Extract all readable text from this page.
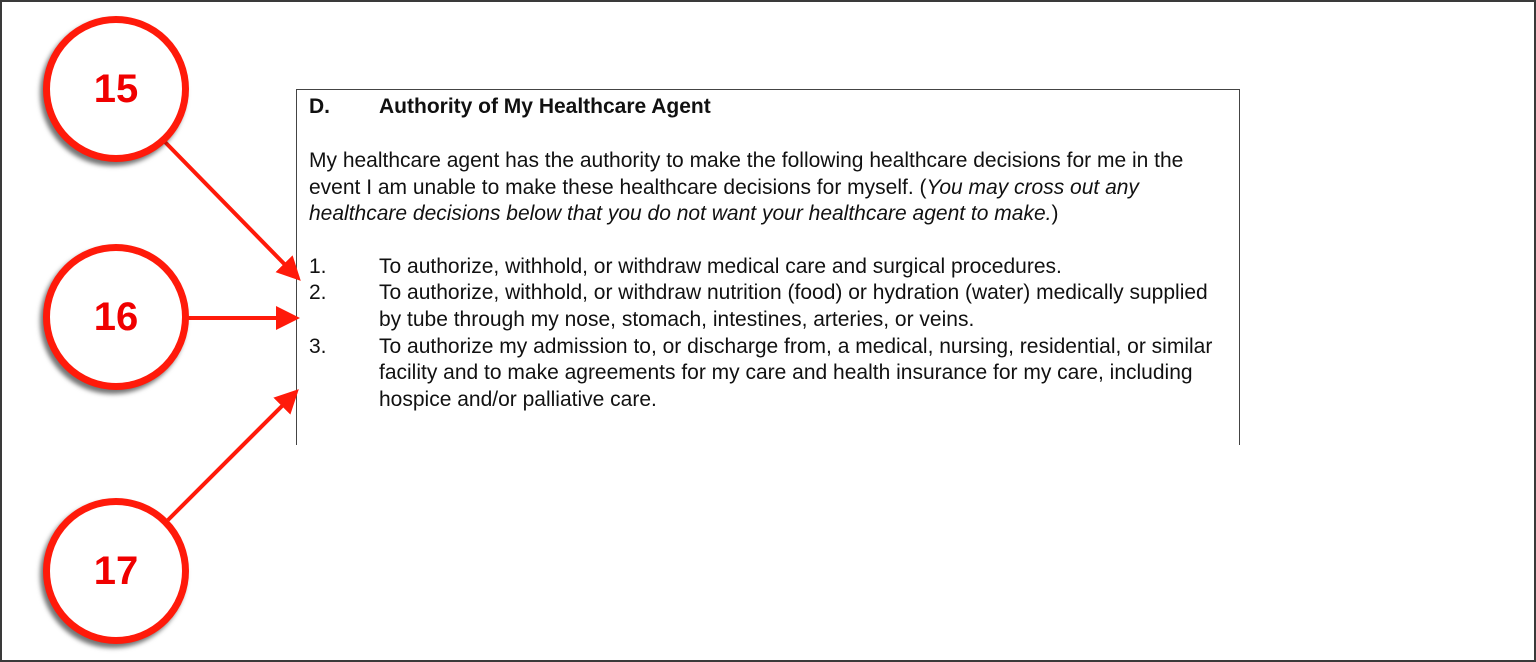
D.	Authority of My Healthcare Agent
My healthcare agent has the authority to make the following healthcare decisions for me in the event I am unable to make these healthcare decisions for myself. (You may cross out any healthcare decisions below that you do not want your healthcare agent to make.)
1.	To authorize, withhold, or withdraw medical care and surgical procedures.
2.	To authorize, withhold, or withdraw nutrition (food) or hydration (water) medically supplied by tube through my nose, stomach, intestines, arteries, or veins.
3.	To authorize my admission to, or discharge from, a medical, nursing, residential, or similar facility and to make agreements for my care and health insurance for my care, including hospice and/or palliative care.
15
16
17
